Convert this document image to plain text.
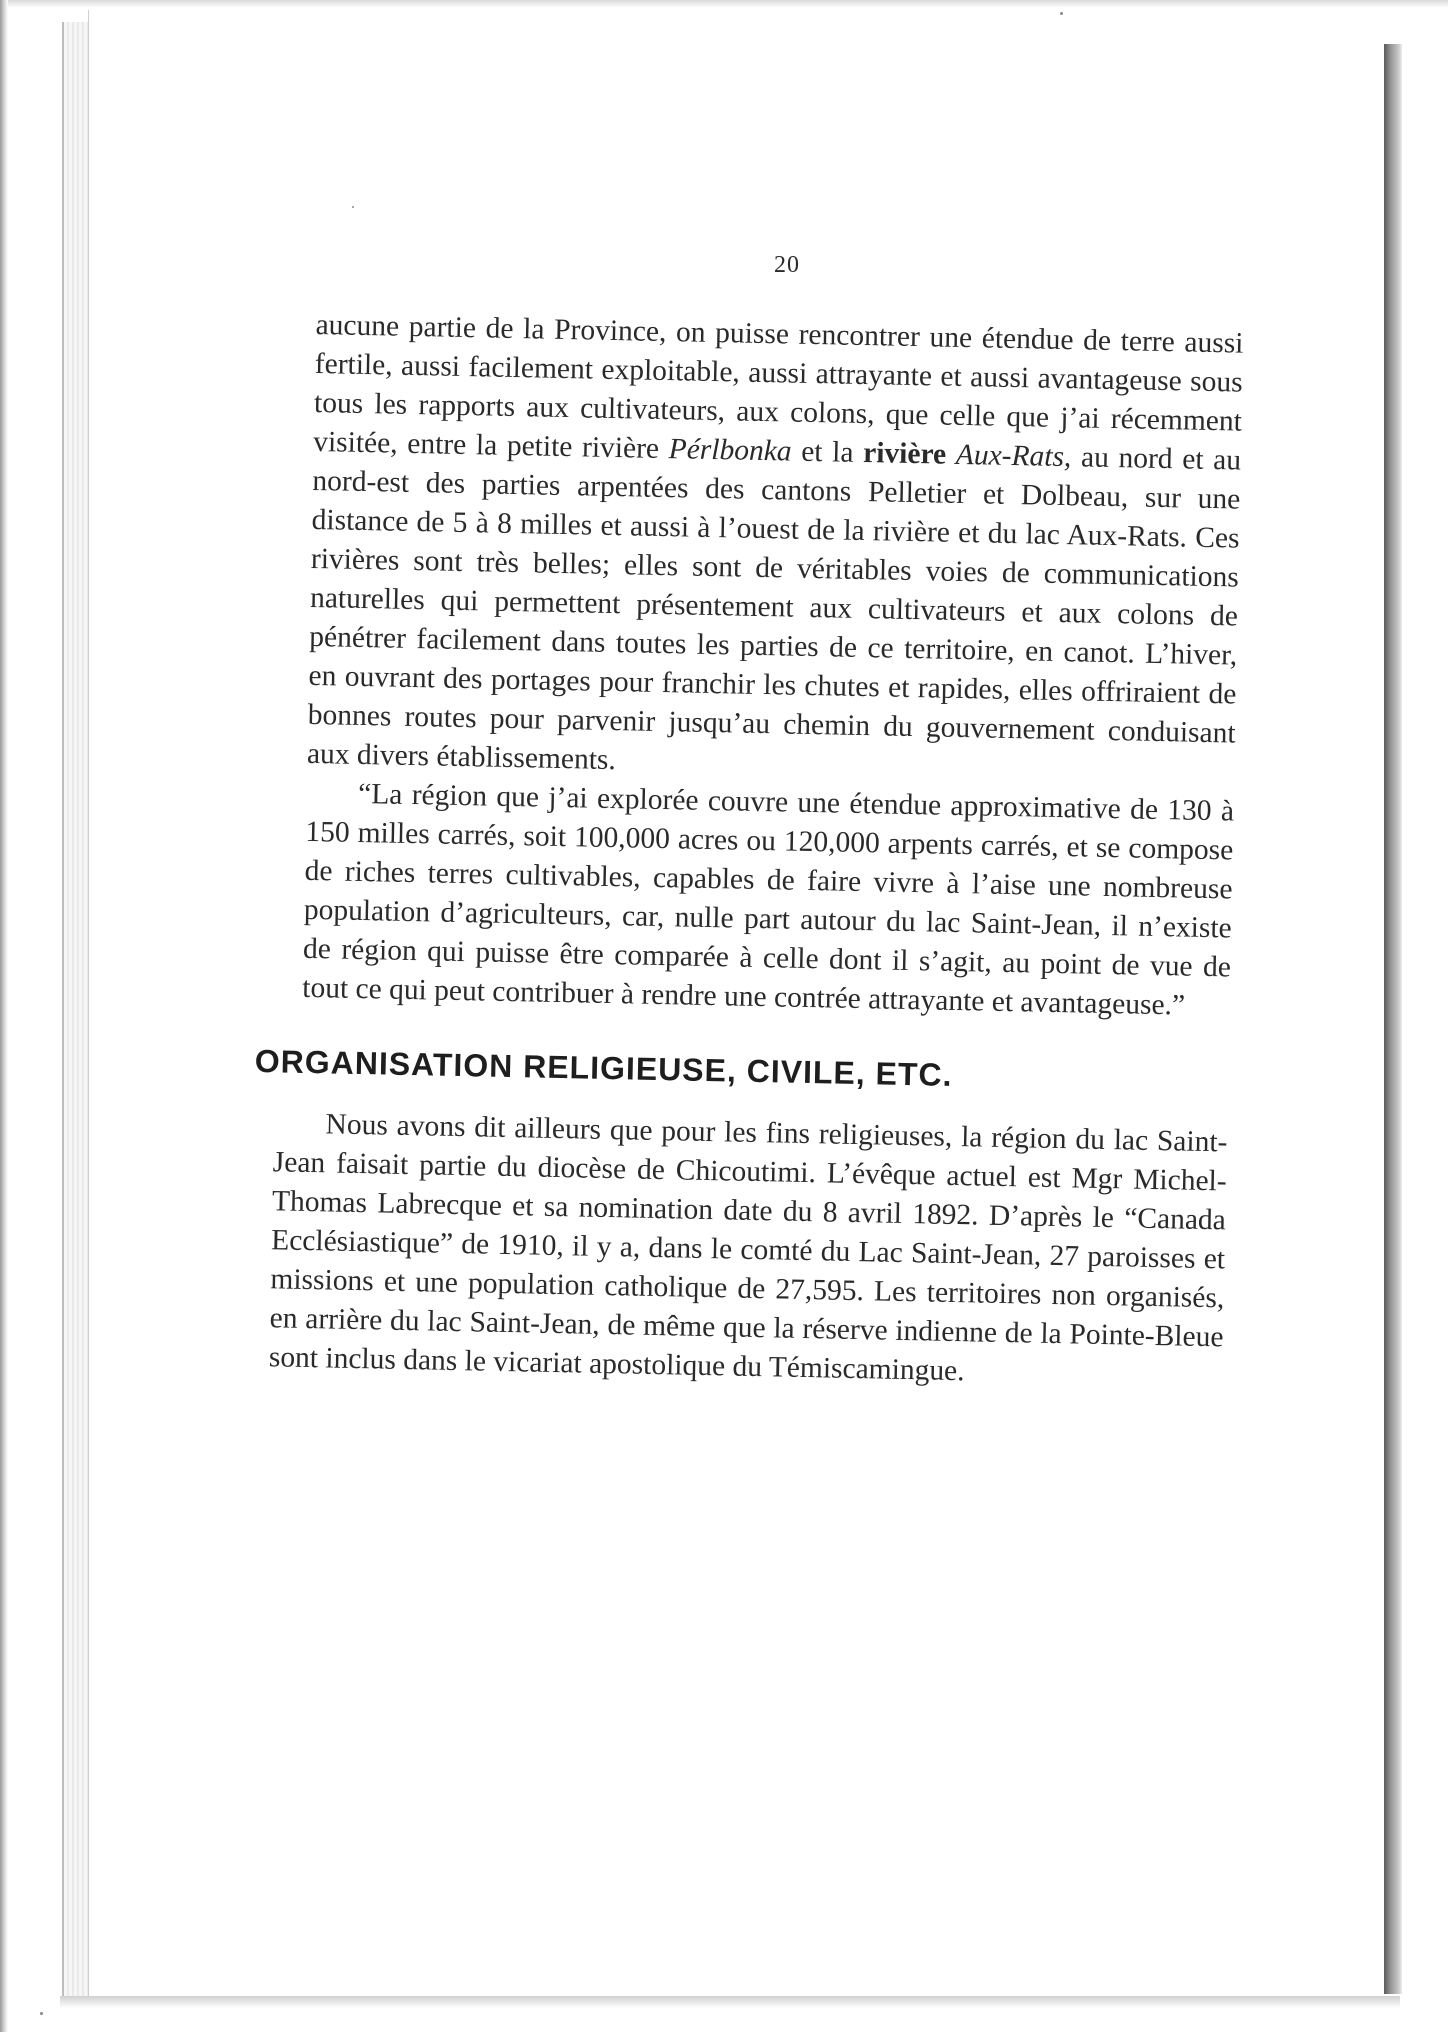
20

aucune partie de la Province, on puisse rencontrer une étendue de terre aussi fertile, aussi facilement exploitable, aussi attrayante et aussi avantageuse sous tous les rapports aux cultivateurs, aux colons, que celle que j’ai récemment visitée, entre la petite rivière Pérlbonka et la rivière Aux-Rats, au nord et au nord-est des parties arpentées des cantons Pelletier et Dolbeau, sur une distance de 5 à 8 milles et aussi à l’ouest de la rivière et du lac Aux-Rats. Ces rivières sont très belles; elles sont de véritables voies de communications naturelles qui permettent présentement aux cultivateurs et aux colons de pénétrer facilement dans toutes les parties de ce territoire, en canot. L’hiver, en ouvrant des portages pour franchir les chutes et rapides, elles offriraient de bonnes routes pour parvenir jusqu’au chemin du gouvernement conduisant aux divers établissements.

“La région que j’ai explorée couvre une étendue approximative de 130 à 150 milles carrés, soit 100,000 acres ou 120,000 arpents carrés, et se compose de riches terres cultivables, capables de faire vivre à l’aise une nombreuse population d’agriculteurs, car, nulle part autour du lac Saint-Jean, il n’existe de région qui puisse être comparée à celle dont il s’agit, au point de vue de tout ce qui peut contribuer à rendre une contrée attrayante et avantageuse.”

ORGANISATION RELIGIEUSE, CIVILE, ETC.

Nous avons dit ailleurs que pour les fins religieuses, la région du lac Saint-Jean faisait partie du diocèse de Chicoutimi. L’évêque actuel est Mgr Michel-Thomas Labrecque et sa nomination date du 8 avril 1892. D’après le “Canada Ecclésiastique” de 1910, il y a, dans le comté du Lac Saint-Jean, 27 paroisses et missions et une population catholique de 27,595. Les territoires non organisés, en arrière du lac Saint-Jean, de même que la réserve indienne de la Pointe-Bleue sont inclus dans le vicariat apostolique du Témiscamingue.
